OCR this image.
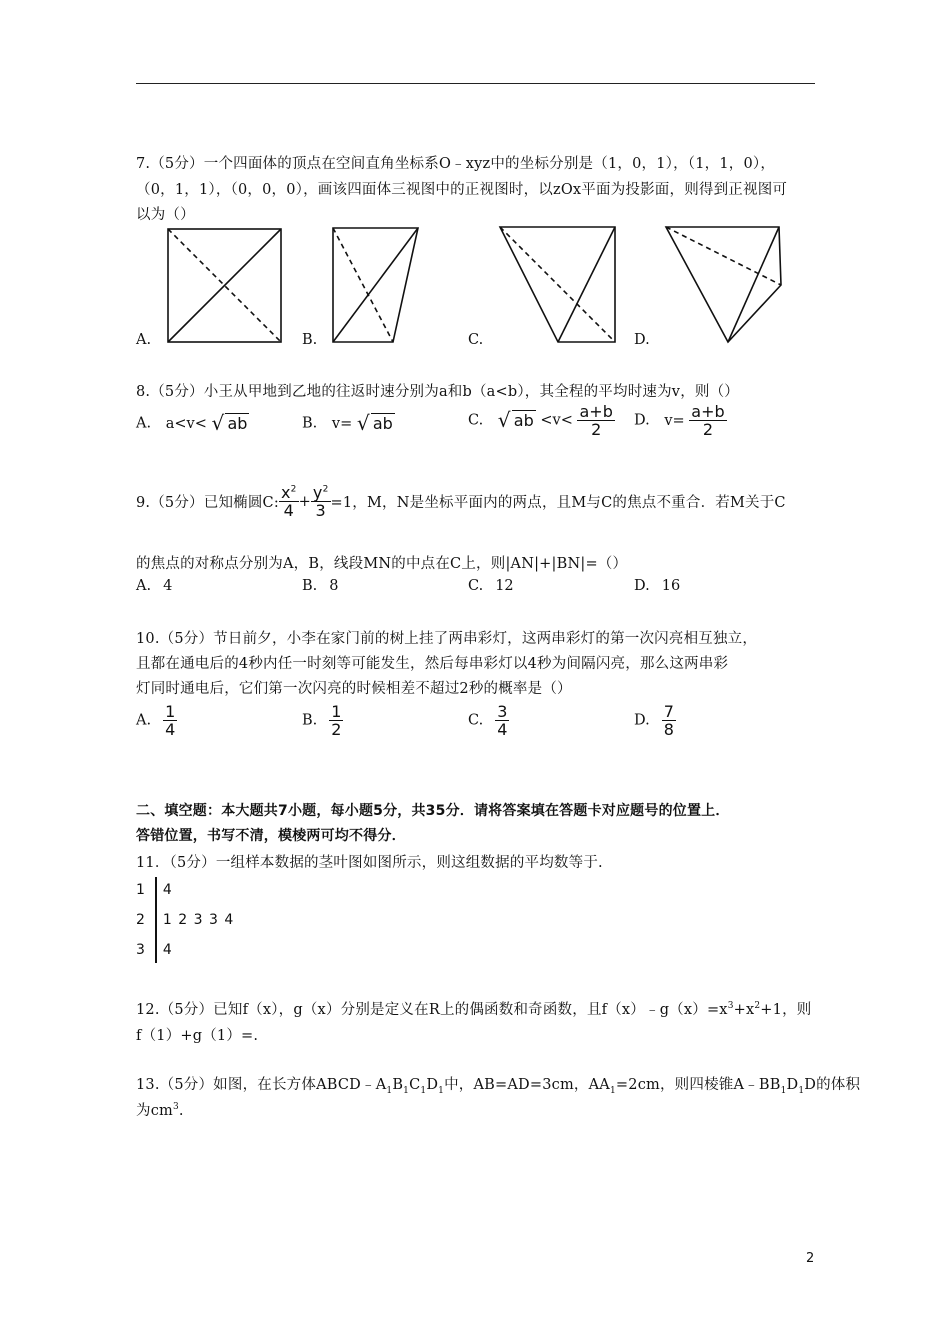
7.（5分）一个四面体的顶点在空间直角坐标系O﹣xyz中的坐标分别是（1，0，1），（1，1，0），
（0，1，1），（0，0，0），画该四面体三视图中的正视图时，以zOx平面为投影面，则得到正视图可
以为（）
A.	B.	C.	D.
8.（5分）小王从甲地到乙地的往返时速分别为a和b（a<b），其全程的平均时速为v，则（）
A. a<v< √ ab	B. v= √ ab	C. √ ab $<v< \frac{a+b}{2} D$. $v= \frac{a+b}{2}$
9.（5分）已知椭圆C: $\frac{x^2}{4} + \frac{y^2}{3} =1$，M，N是坐标平面内的两点，且M与C的焦点不重合．若M关于C
的焦点的对称点分别为A，B，线段MN的中点在C上，则|AN|+|BN|=（）
A. 4	B. 8	C. 12	D. 16
10.（5分）节日前夕，小李在家门前的树上挂了两串彩灯，这两串彩灯的第一次闪亮相互独立，
且都在通电后的4秒内任一时刻等可能发生，然后每串彩灯以4秒为间隔闪亮，那么这两串彩
灯同时通电后，它们第一次闪亮的时候相差不超过2秒的概率是（）
A. $\frac{1}{4}$	B. $\frac{1}{2}$	C. $\frac{3}{4}$	D. $\frac{7}{8}$
二、填空题：本大题共7小题，每小题5分，共35分．请将答案填在答题卡对应题号的位置上．
答错位置，书写不清，模棱两可均不得分．
11．（5分）一组样本数据的茎叶图如图所示，则这组数据的平均数等于.
1 4
2 1 2 3 3 4
3 4
12.（5分）已知f（x），g（x）分别是定义在R上的偶函数和奇函数，且$f(x)﹣g(x)=x^3+x^2+1$，则
f（1）+g（1）=.
13.（5分）如图，在长方体$ABCD﹣A_1B_1C_1D_1$中，AB=AD=3cm，$AA_1=2cm$，则四棱锥$A﹣BB_1D_1D$的体积
为$cm^3$.
2
